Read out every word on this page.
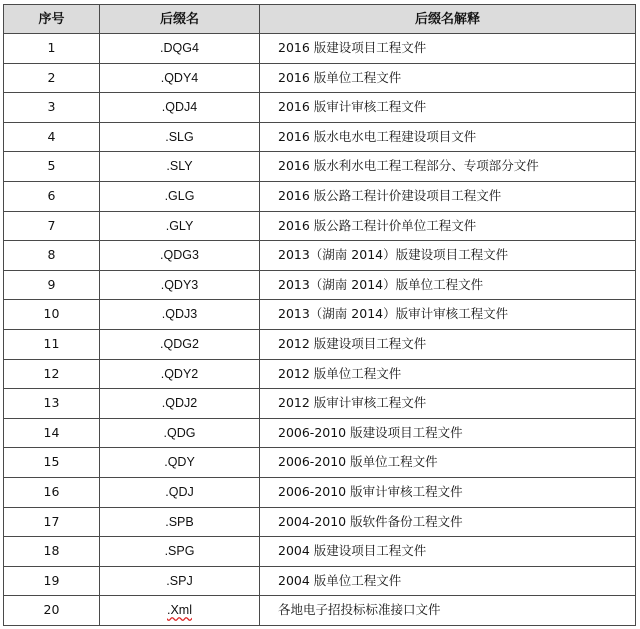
序号	后缀名	后缀名解释
1	.DQG4	2016 版建设项目工程文件
2	.QDY4	2016 版单位工程文件
3	.QDJ4	2016 版审计审核工程文件
4	.SLG	2016 版水电水电工程建设项目文件
5	.SLY	2016 版水利水电工程工程部分、专项部分文件
6	.GLG	2016 版公路工程计价建设项目工程文件
7	.GLY	2016 版公路工程计价单位工程文件
8	.QDG3	2013（湖南 2014）版建设项目工程文件
9	.QDY3	2013（湖南 2014）版单位工程文件
10	.QDJ3	2013（湖南 2014）版审计审核工程文件
11	.QDG2	2012 版建设项目工程文件
12	.QDY2	2012 版单位工程文件
13	.QDJ2	2012 版审计审核工程文件
14	.QDG	2006-2010 版建设项目工程文件
15	.QDY	2006-2010 版单位工程文件
16	.QDJ	2006-2010 版审计审核工程文件
17	.SPB	2004-2010 版软件备份工程文件
18	.SPG	2004 版建设项目工程文件
19	.SPJ	2004 版单位工程文件
20	.Xml	各地电子招投标标准接口文件
